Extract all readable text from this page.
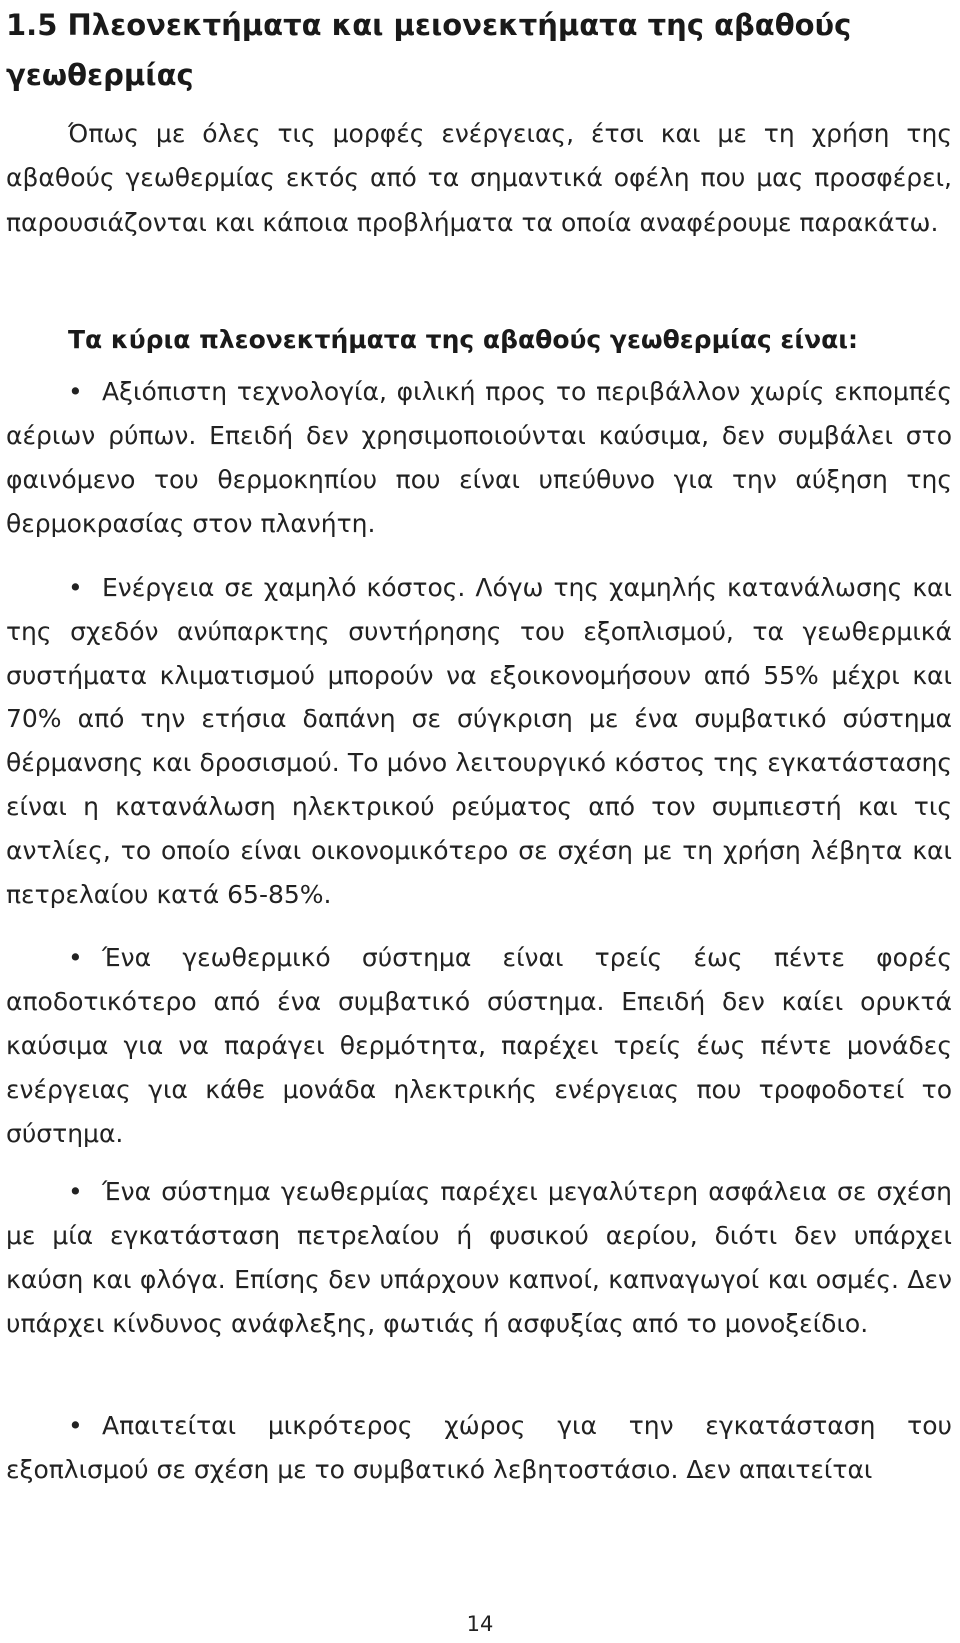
1.5 Πλεονεκτήματα και μειονεκτήματα της αβαθούς γεωθερμίας

Όπως με όλες τις μορφές ενέργειας, έτσι και με τη χρήση της αβαθούς γεωθερμίας εκτός από τα σημαντικά οφέλη που μας προσφέρει, παρουσιάζονται και κάποια προβλήματα τα οποία αναφέρουμε παρακάτω.

Τα κύρια πλεονεκτήματα της αβαθούς γεωθερμίας είναι:

• Αξιόπιστη τεχνολογία, φιλική προς το περιβάλλον χωρίς εκπομπές αέριων ρύπων. Επειδή δεν χρησιμοποιούνται καύσιμα, δεν συμβάλει στο φαινόμενο του θερμοκηπίου που είναι υπεύθυνο για την αύξηση της θερμοκρασίας στον πλανήτη.

• Ενέργεια σε χαμηλό κόστος. Λόγω της χαμηλής κατανάλωσης και της σχεδόν ανύπαρκτης συντήρησης του εξοπλισμού, τα γεωθερμικά συστήματα κλιματισμού μπορούν να εξοικονομήσουν από 55% μέχρι και 70% από την ετήσια δαπάνη σε σύγκριση με ένα συμβατικό σύστημα θέρμανσης και δροσισμού. Το μόνο λειτουργικό κόστος της εγκατάστασης είναι η κατανάλωση ηλεκτρικού ρεύματος από τον συμπιεστή και τις αντλίες, το οποίο είναι οικονομικότερο σε σχέση με τη χρήση λέβητα και πετρελαίου κατά 65-85%.

• Ένα γεωθερμικό σύστημα είναι τρείς έως πέντε φορές αποδοτικότερο από ένα συμβατικό σύστημα. Επειδή δεν καίει ορυκτά καύσιμα για να παράγει θερμότητα, παρέχει τρείς έως πέντε μονάδες ενέργειας για κάθε μονάδα ηλεκτρικής ενέργειας που τροφοδοτεί το σύστημα.

• Ένα σύστημα γεωθερμίας παρέχει μεγαλύτερη ασφάλεια σε σχέση με μία εγκατάσταση πετρελαίου ή φυσικού αερίου, διότι δεν υπάρχει καύση και φλόγα. Επίσης δεν υπάρχουν καπνοί, καπναγωγοί και οσμές. Δεν υπάρχει κίνδυνος ανάφλεξης, φωτιάς ή ασφυξίας από το μονοξείδιο.

• Απαιτείται μικρότερος χώρος για την εγκατάσταση του εξοπλισμού σε σχέση με το συμβατικό λεβητοστάσιο. Δεν απαιτείται

14
